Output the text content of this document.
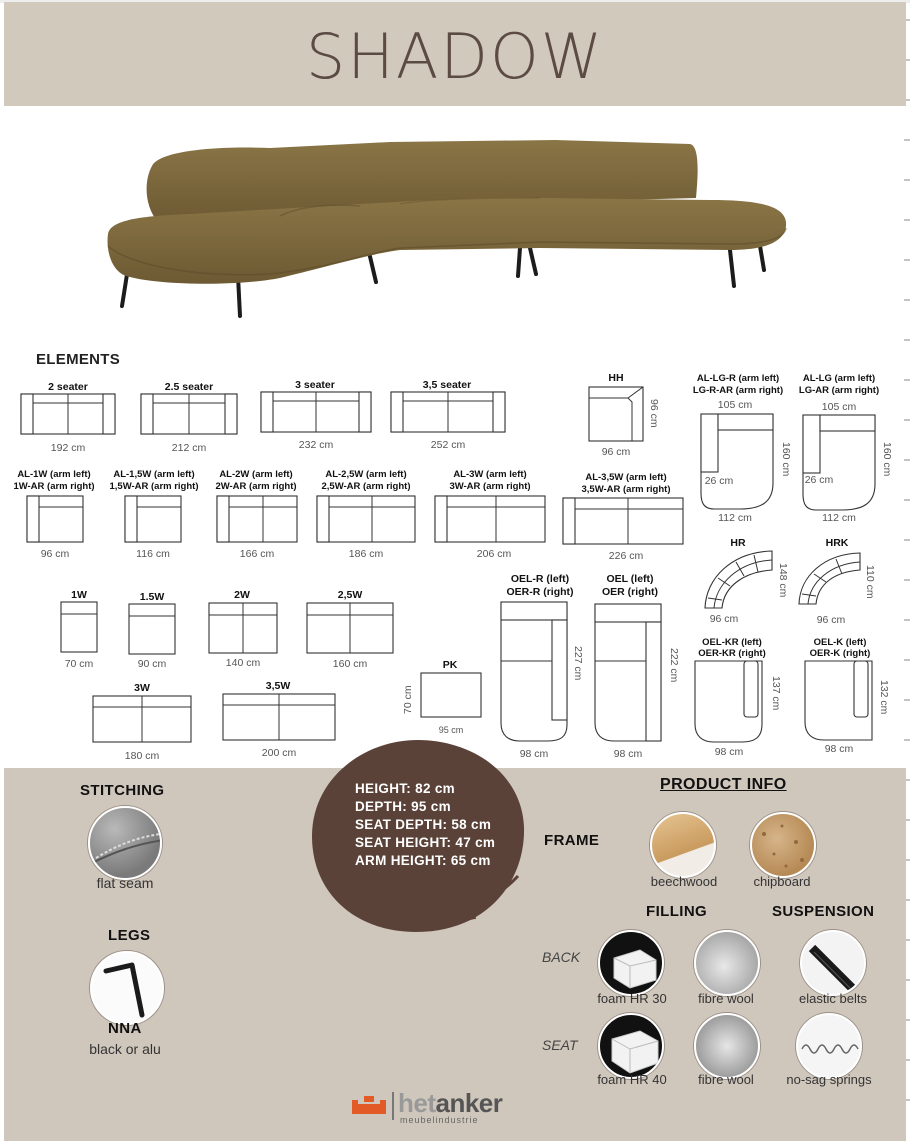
SHADOW
ELEMENTS
2 seater
192 cm
2.5 seater
212 cm
3 seater
232 cm
3,5 seater
252 cm
HH
96 cm
96 cm
AL-LG-R (arm left)
LG-R-AR (arm right)
105 cm
26 cm
160 cm
112 cm
AL-LG (arm left)
LG-AR (arm right)
105 cm
26 cm
160 cm
112 cm
AL-1W (arm left)
1W-AR (arm right)
96 cm
AL-1,5W (arm left)
1,5W-AR (arm right)
116 cm
AL-2W (arm left)
2W-AR (arm right)
166 cm
AL-2,5W (arm left)
2,5W-AR (arm right)
186 cm
AL-3W (arm left)
3W-AR (arm right)
206 cm
AL-3,5W (arm left)
3,5W-AR (arm right)
226 cm
HR
148 cm
96 cm
HRK
110 cm
96 cm
1W
70 cm
1.5W
90 cm
2W
140 cm
2,5W
160 cm
3W
180 cm
3,5W
200 cm
PK
70 cm
95 cm
OEL-R (left)
OER-R (right)
227 cm
98 cm
OEL (left)
OER (right)
222 cm
98 cm
OEL-KR (left)
OER-KR (right)
137 cm
98 cm
OEL-K (left)
OER-K (right)
132 cm
98 cm
STITCHING
flat seam
LEGS
NNA
black or alu
HEIGHT: 82 cm
DEPTH: 95 cm
SEAT DEPTH: 58 cm
SEAT HEIGHT: 47 cm
ARM HEIGHT: 65 cm
PRODUCT INFO
FRAME
beechwood	chipboard
FILLING	SUSPENSION
BACK
foam HR 30	fibre wool	elastic belts
SEAT
foam HR 40	fibre wool	no-sag springs
hetanker
meubelindustrie
